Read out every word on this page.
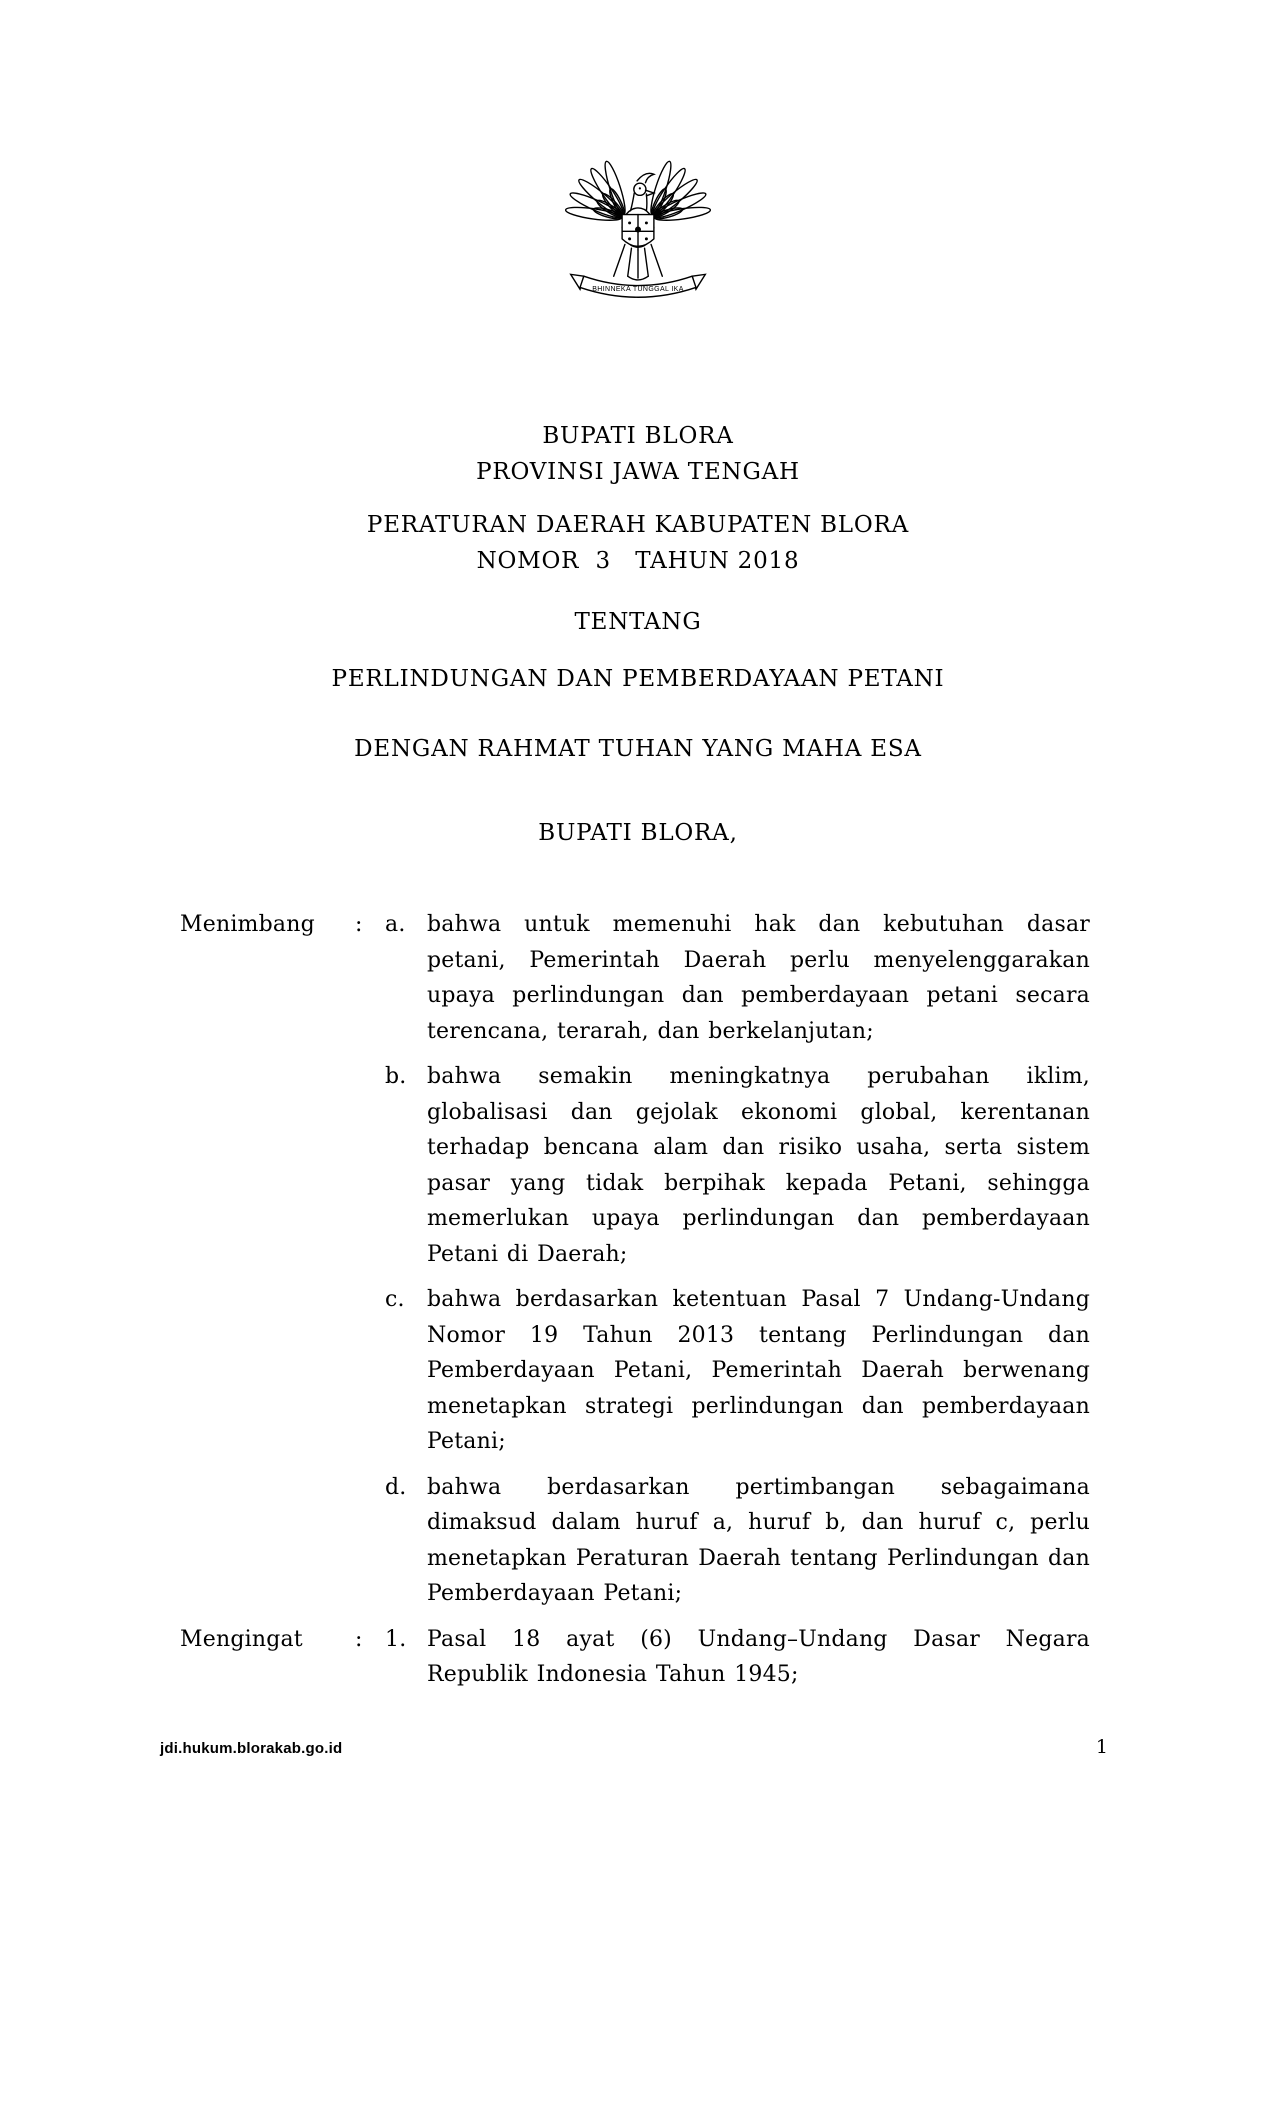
BHINNEKA TUNGGAL IKA
BUPATI BLORA
PROVINSI JAWA TENGAH
PERATURAN DAERAH KABUPATEN BLORA
NOMOR  3   TAHUN 2018
TENTANG
PERLINDUNGAN DAN PEMBERDAYAAN PETANI
DENGAN RAHMAT TUHAN YANG MAHA ESA
BUPATI BLORA,
Menimbang	:	a. bahwa untuk memenuhi hak dan kebutuhan dasar petani, Pemerintah Daerah perlu menyelenggarakan upaya perlindungan dan pemberdayaan petani secara terencana, terarah, dan berkelanjutan;
b. bahwa semakin meningkatnya perubahan iklim, globalisasi dan gejolak ekonomi global, kerentanan terhadap bencana alam dan risiko usaha, serta sistem pasar yang tidak berpihak kepada Petani, sehingga memerlukan upaya perlindungan dan pemberdayaan Petani di Daerah;
c.	bahwa berdasarkan ketentuan Pasal 7 Undang-Undang Nomor 19 Tahun 2013 tentang Perlindungan dan Pemberdayaan Petani, Pemerintah Daerah berwenang menetapkan strategi perlindungan dan pemberdayaan Petani;
d. bahwa berdasarkan pertimbangan sebagaimana dimaksud dalam huruf a, huruf b, dan huruf c, perlu menetapkan Peraturan Daerah tentang Perlindungan dan Pemberdayaan Petani;
Mengingat	:	1. Pasal 18 ayat (6) Undang–Undang Dasar Negara Republik Indonesia Tahun 1945;
jdi.hukum.blorakab.go.id	1
